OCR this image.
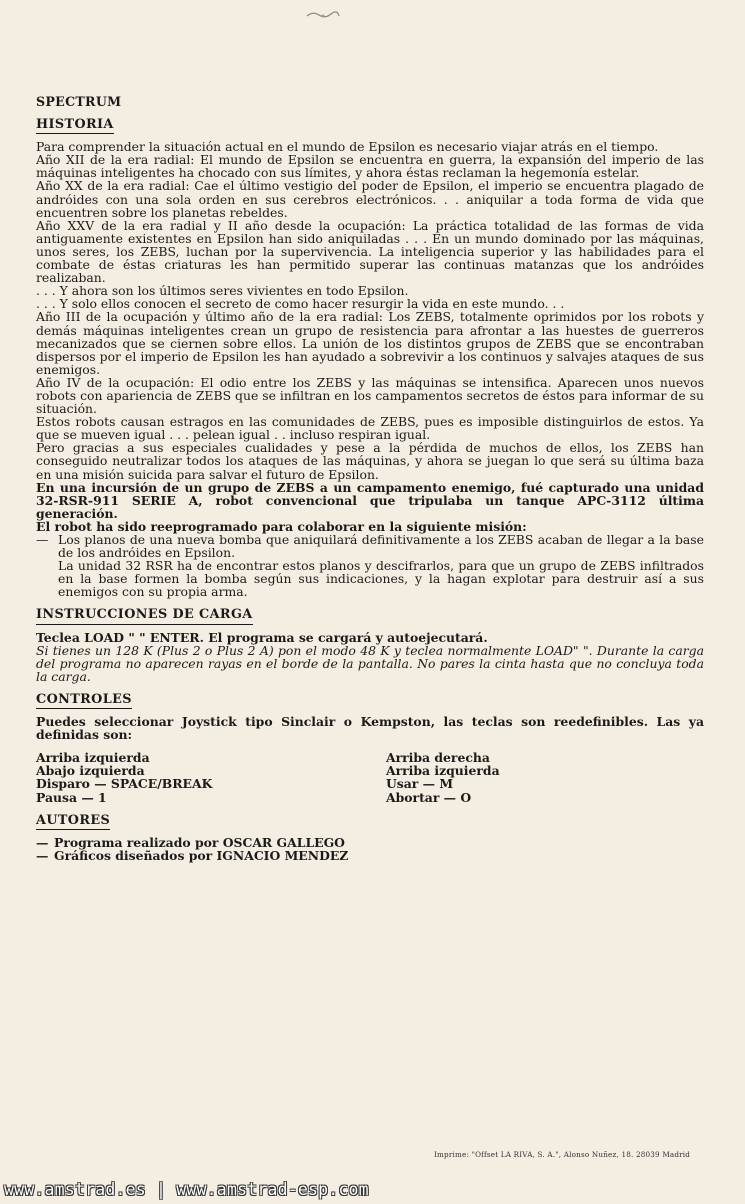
SPECTRUM
HISTORIA

Para comprender la situación actual en el mundo de Epsilon es necesario viajar atrás en el tiempo.

Año XII de la era radial: El mundo de Epsilon se encuentra en guerra, la expansión del imperio de las máquinas inteligentes ha chocado con sus límites, y ahora éstas reclaman la hegemonía estelar.

Año XX de la era radial: Cae el último vestigio del poder de Epsilon, el imperio se encuentra plagado de andróides con una sola orden en sus cerebros electrónicos. . . aniquilar a toda forma de vida que encuentren sobre los planetas rebeldes.

Año XXV de la era radial y II año desde la ocupación: La práctica totalidad de las formas de vida antiguamente existentes en Epsilon han sido aniquiladas . . . En un mundo dominado por las máquinas, unos seres, los ZEBS, luchan por la supervivencia. La inteligencia superior y las habilidades para el combate de éstas criaturas les han permitido superar las continuas matanzas que los andróides realizaban.

. . . Y ahora son los últimos seres vivientes en todo Epsilon.

. . . Y solo ellos conocen el secreto de como hacer resurgir la vida en este mundo. . .

Año III de la ocupación y último año de la era radial: Los ZEBS, totalmente oprimidos por los robots y demás máquinas inteligentes crean un grupo de resistencia para afrontar a las huestes de guerreros mecanizados que se ciernen sobre ellos. La unión de los distintos grupos de ZEBS que se encontraban dispersos por el imperio de Epsilon les han ayudado a sobrevivir a los continuos y salvajes ataques de sus enemigos.

Año IV de la ocupación: El odio entre los ZEBS y las máquinas se intensifica. Aparecen unos nuevos robots con apariencia de ZEBS que se infiltran en los campamentos secretos de éstos para informar de su situación.

Estos robots causan estragos en las comunidades de ZEBS, pues es imposible distinguirlos de estos. Ya que se mueven igual . . . pelean igual . . incluso respiran igual.

Pero gracias a sus especiales cualidades y pese a la pérdida de muchos de ellos, los ZEBS han conseguido neutralizar todos los ataques de las máquinas, y ahora se juegan lo que será su última baza en una misión suicida para salvar el futuro de Epsilon.

En una incursión de un grupo de ZEBS a un campamento enemigo, fué capturado una unidad 32-RSR-911 SERIE A, robot convencional que tripulaba un tanque APC-3112 última generación.

El robot ha sido reeprogramado para colaborar en la siguiente misión:

— Los planos de una nueva bomba que aniquilará definitivamente a los ZEBS acaban de llegar a la base de los andróides en Epsilon.

La unidad 32 RSR ha de encontrar estos planos y descifrarlos, para que un grupo de ZEBS infiltrados en la base formen la bomba según sus indicaciones, y la hagan explotar para destruir así a sus enemigos con su propia arma.

INSTRUCCIONES DE CARGA

Teclea LOAD " " ENTER. El programa se cargará y autoejecutará.

Si tienes un 128 K (Plus 2 o Plus 2 A) pon el modo 48 K y teclea normalmente LOAD" ". Durante la carga del programa no aparecen rayas en el borde de la pantalla. No pares la cinta hasta que no concluya toda la carga.

CONTROLES

Puedes seleccionar Joystick tipo Sinclair o Kempston, las teclas son reedefinibles. Las ya definidas son:

Arriba izquierda	Arriba derecha
Abajo izquierda	Arriba izquierda
Disparo — SPACE/BREAK	Usar — M
Pausa — 1	Abortar — O
AUTORES
— Programa realizado por OSCAR GALLEGO
— Gráficos diseñados por IGNACIO MENDEZ
Imprime: "Offset LA RIVA, S. A.", Alonso Nuñez, 18. 28039 Madrid
www.amstrad.es | www.amstrad-esp.com
